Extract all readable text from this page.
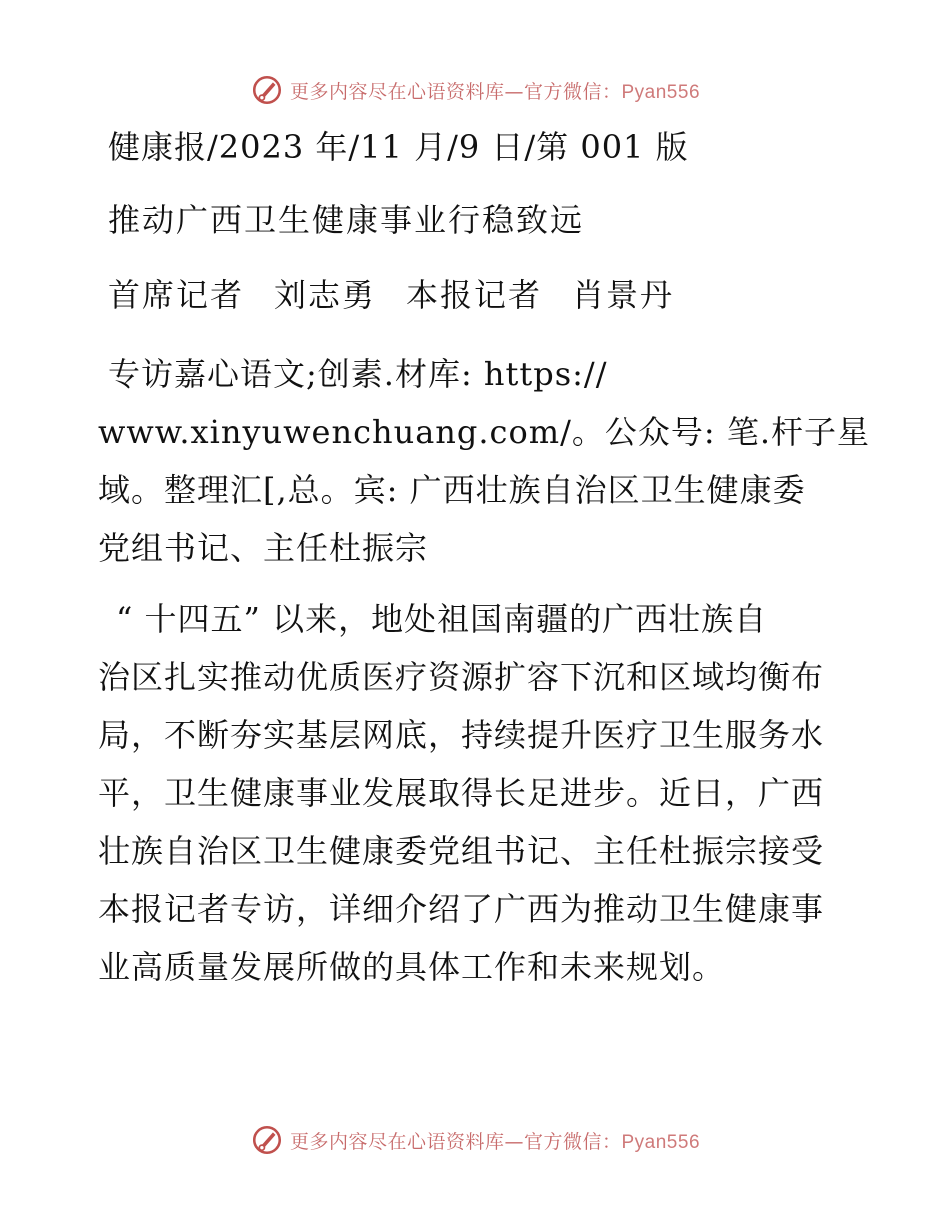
更多内容尽在心语资料库—官方微信：Pyan556
健康报/2023 年/11 月/9 日/第 001 版
推动广西卫生健康事业行稳致远
首席记者 刘志勇 本报记者 肖景丹
专访嘉心语文;创素.材库: https://
www.xinyuwenchuang.com/。公众号: 笔.杆子星
域。整理汇[,总。宾: 广西壮族自治区卫生健康委
党组书记、主任杜振宗
“ 十四五” 以来，地处祖国南疆的广西壮族自
治区扎实推动优质医疗资源扩容下沉和区域均衡布
局，不断夯实基层网底，持续提升医疗卫生服务水
平，卫生健康事业发展取得长足进步。近日，广西
壮族自治区卫生健康委党组书记、主任杜振宗接受
本报记者专访，详细介绍了广西为推动卫生健康事
业高质量发展所做的具体工作和未来规划。
更多内容尽在心语资料库—官方微信：Pyan556
